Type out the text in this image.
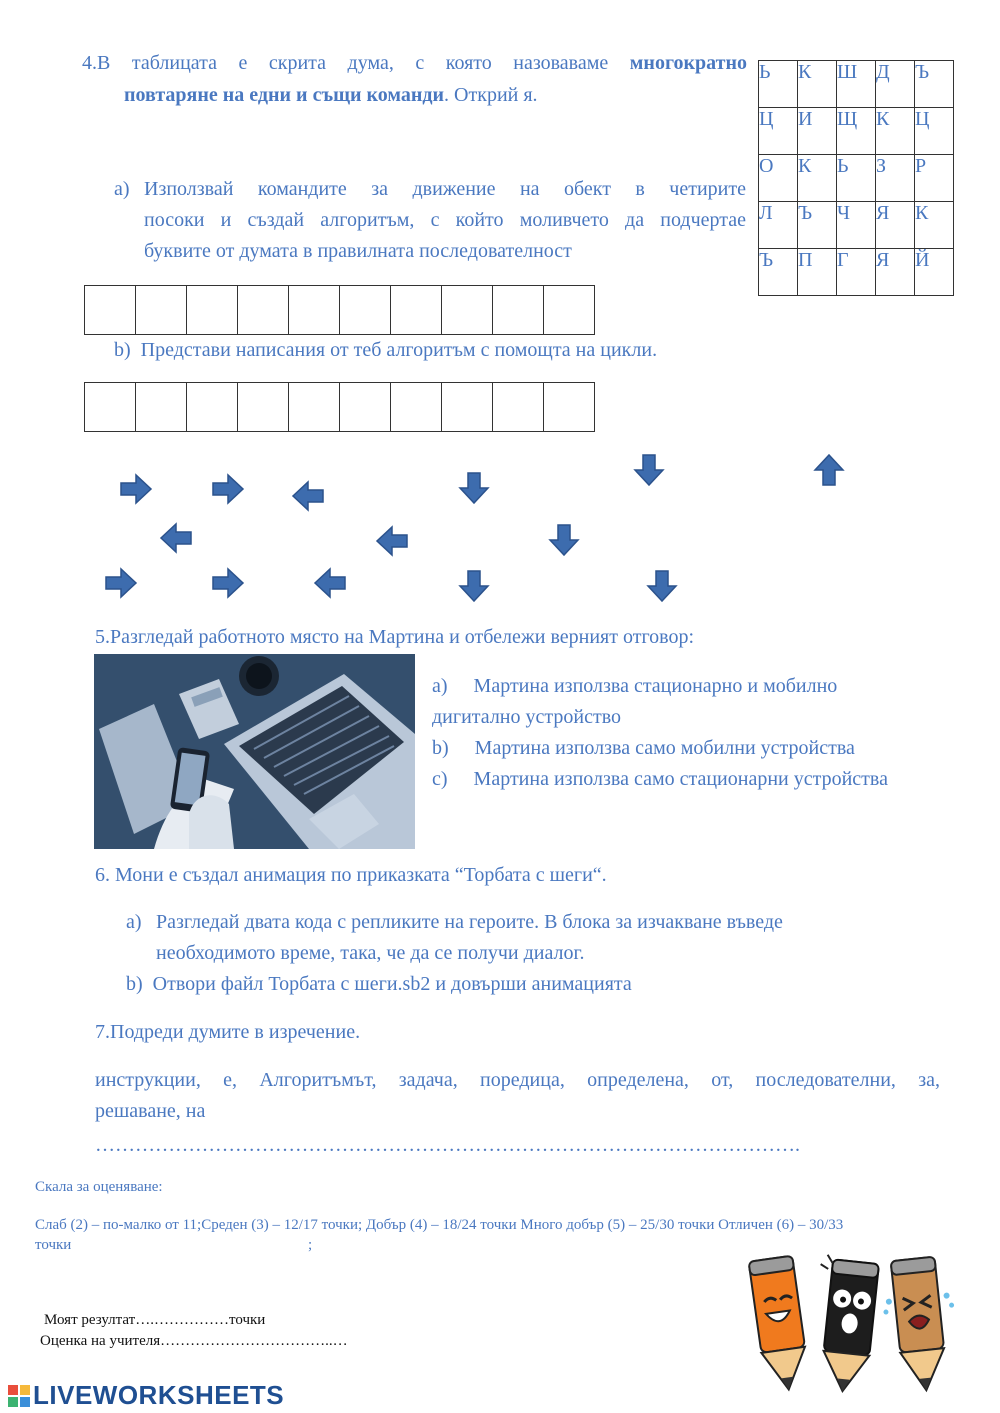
4.В таблицата е скрита дума, с която назоваваме многократно
повтаряне на едни и същи команди. Открий я.
a) Използвай командите за движение на обект в четирите
посоки и създай алгоритъм, с който моливчето да подчертае
буквите от думата в правилната последователност
Ь	К	Ш	Д	Ъ
Ц	И	Щ	К	Ц
О	К	Ь	З	Р
Л	Ъ	Ч	Я	К
Ъ	П	Г	Я	Й

b) Представи написания от теб алгоритъм с помощта на цикли.

5.Разгледай работното място на Мартина и отбележи верният отговор:
a) Мартина използва стационарно и мобилно
дигитално устройство
b) Мартина използва само мобилни устройства
c) Мартина използва само стационарни устройства
6. Мони е създал анимация по приказката “Торбата с шеги“.
a) Разгледай двата кода с репликите на героите. В блока за изчакване въведе
необходимото време, така, че да се получи диалог.
b) Отвори файл Торбата с шеги.sb2 и довърши анимацията
7.Подреди думите в изречение.
инструкции, е, Алгоритъмът, задача, поредица, определена, от, последователни, за,
решаване, на
…………………………………………………………………………………………….
Скала за оценяване:
Слаб (2) – по-малко от 11;Среден (3) – 12/17 точки; Добър (4) – 18/24 точки Много добър (5) – 25/30 точки Отличен (6) – 30/33
точки	;
Моят резултат….……………точки
Оценка на учителя……………………………..…
LIVEWORKSHEETS
